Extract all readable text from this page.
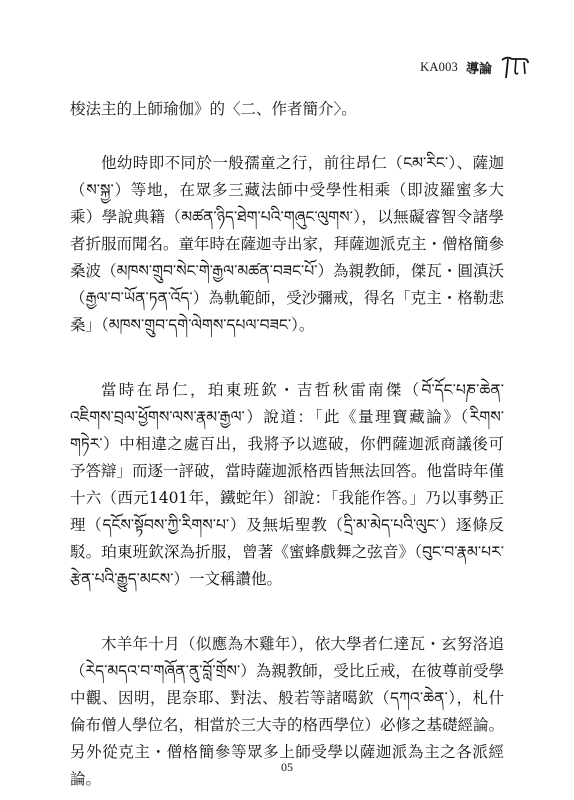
KA003 導論

梭法主的上師瑜伽》的〈二、作者簡介〉。

他幼時即不同於一般孺童之行，前往昂仁（ངམ་རིང་）、薩迦（ས་སྐྱ་）等地，在眾多三藏法師中受學性相乘（即波羅蜜多大乘）學說典籍（མཚན་ཉིད་ཐེག་པའི་གཞུང་ལུགས་），以無礙睿智令諸學者折服而聞名。童年時在薩迦寺出家，拜薩迦派克主・僧格簡參桑波（མཁས་གྲུབ་སེང་གེ་རྒྱལ་མཚན་བཟང་པོ་）為親教師，傑瓦・圓滇沃（རྒྱལ་བ་ཡོན་ཏན་འོད་）為軌範師，受沙彌戒，得名「克主・格勒悲桑」（མཁས་གྲུབ་དགེ་ལེགས་དཔལ་བཟང་）。

當時在昂仁，珀東班欽・吉哲秋雷南傑（བོ་དོང་པཎ་ཆེན་འཇིགས་བྲལ་ཕྱོགས་ལས་རྣམ་རྒྱལ་）說道：「此《量理寶藏論》（རིགས་གཏེར་）中相違之處百出，我將予以遮破，你們薩迦派商議後可予答辯」而逐一評破，當時薩迦派格西皆無法回答。他當時年僅十六（西元1401年，鐵蛇年）卻說：「我能作答。」乃以事勢正理（དངོས་སྟོབས་ཀྱི་རིགས་པ་）及無垢聖教（དྲི་མ་མེད་པའི་ལུང་）逐條反駁。珀東班欽深為折服，曾著《蜜蜂戲舞之弦音》（བུང་བ་རྣམ་པར་རྩེན་པའི་རྒྱུད་མངས་）一文稱讚他。

木羊年十月（似應為木雞年），依大學者仁達瓦・玄努洛追（རེད་མདའ་བ་གཞོན་ནུ་བློ་གྲོས་）為親教師，受比丘戒，在彼尊前受學中觀、因明，毘奈耶、對法、般若等諸噶欽（དཀའ་ཆེན་），札什倫布僧人學位名，相當於三大寺的格西學位）必修之基礎經論。另外從克主・僧格簡參等眾多上師受學以薩迦派為主之各派經論。

05
